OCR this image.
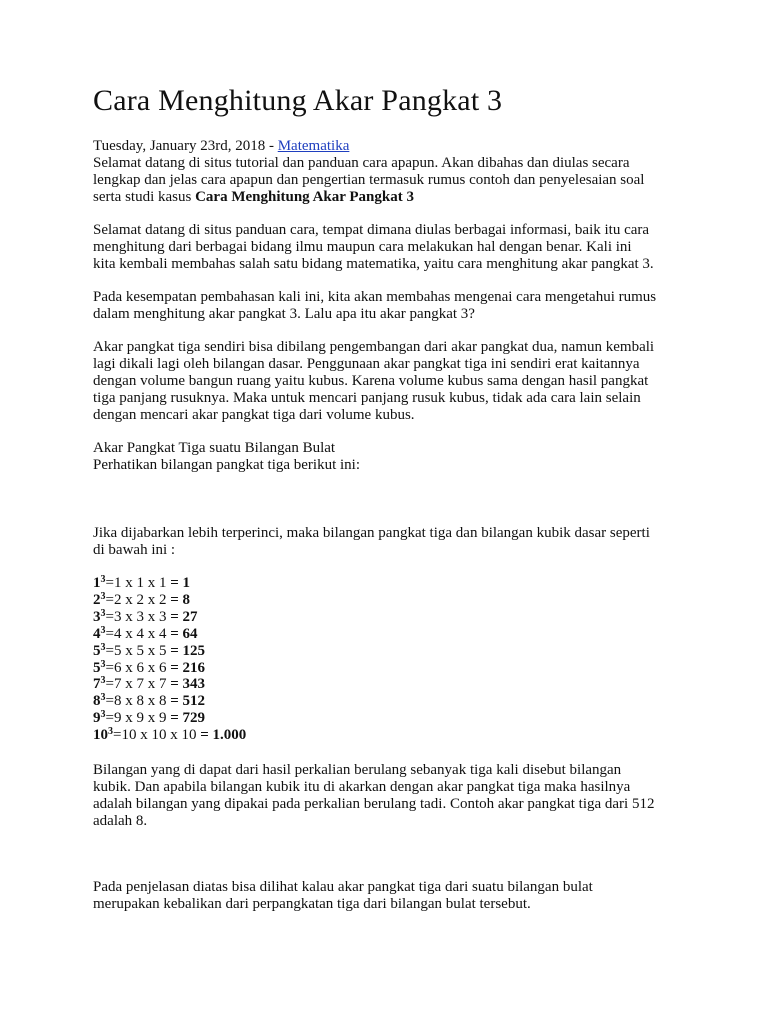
Cara Menghitung Akar Pangkat 3
Tuesday, January 23rd, 2018 - Matematika
Selamat datang di situs tutorial dan panduan cara apapun. Akan dibahas dan diulas secara
lengkap dan jelas cara apapun dan pengertian termasuk rumus contoh dan penyelesaian soal
serta studi kasus Cara Menghitung Akar Pangkat 3
Selamat datang di situs panduan cara, tempat dimana diulas berbagai informasi, baik itu cara
menghitung dari berbagai bidang ilmu maupun cara melakukan hal dengan benar. Kali ini
kita kembali membahas salah satu bidang matematika, yaitu cara menghitung akar pangkat 3.
Pada kesempatan pembahasan kali ini, kita akan membahas mengenai cara mengetahui rumus
dalam menghitung akar pangkat 3. Lalu apa itu akar pangkat 3?
Akar pangkat tiga sendiri bisa dibilang pengembangan dari akar pangkat dua, namun kembali
lagi dikali lagi oleh bilangan dasar. Penggunaan akar pangkat tiga ini sendiri erat kaitannya
dengan volume bangun ruang yaitu kubus. Karena volume kubus sama dengan hasil pangkat
tiga panjang rusuknya. Maka untuk mencari panjang rusuk kubus, tidak ada cara lain selain
dengan mencari akar pangkat tiga dari volume kubus.
Akar Pangkat Tiga suatu Bilangan Bulat
Perhatikan bilangan pangkat tiga berikut ini:
Jika dijabarkan lebih terperinci, maka bilangan pangkat tiga dan bilangan kubik dasar seperti
di bawah ini :
$1^3=1$ x 1 x 1 = 1
$2^3=2$ x 2 x 2 = 8
$3^3=3$ x 3 x 3 = 27
$4^3=4$ x 4 x 4 = 64
$5^3=5$ x 5 x 5 = 125
$5^3=6$ x 6 x 6 = 216
$7^3=7$ x 7 x 7 = 343
$8^3=8$ x 8 x 8 = 512
$9^3=9$ x 9 x 9 = 729
$10^3=10$ x 10 x 10 = 1.000
Bilangan yang di dapat dari hasil perkalian berulang sebanyak tiga kali disebut bilangan
kubik. Dan apabila bilangan kubik itu di akarkan dengan akar pangkat tiga maka hasilnya
adalah bilangan yang dipakai pada perkalian berulang tadi. Contoh akar pangkat tiga dari 512
adalah 8.
Pada penjelasan diatas bisa dilihat kalau akar pangkat tiga dari suatu bilangan bulat
merupakan kebalikan dari perpangkatan tiga dari bilangan bulat tersebut.
